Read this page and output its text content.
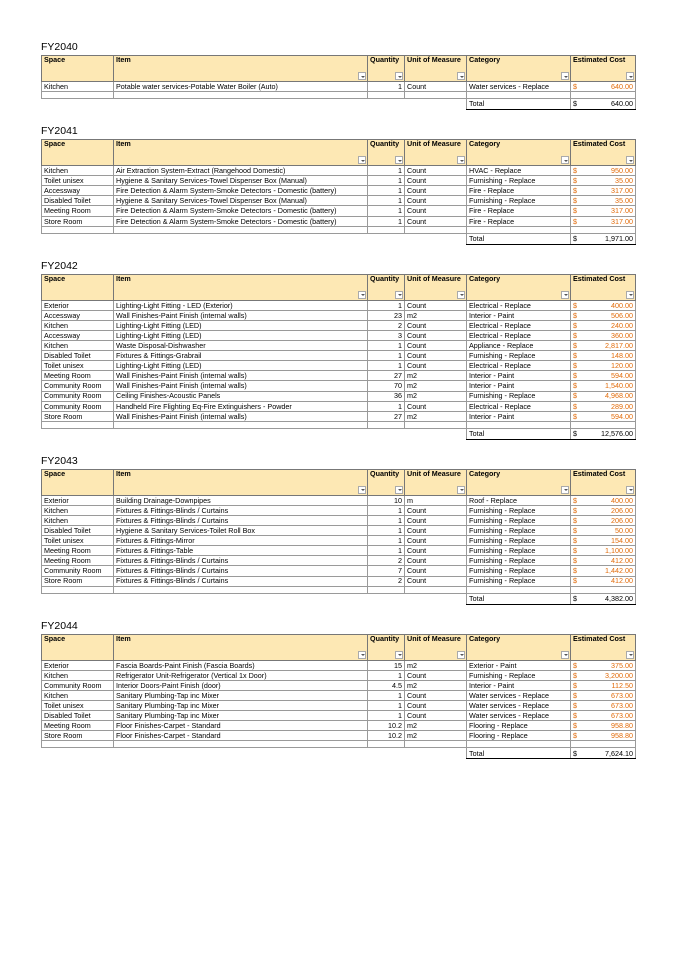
FY2040
Space	Item	Quantity	Unit of Measure	Category	Estimated Cost

Kitchen	Potable water services-Potable Water Boiler (Auto)	1	Count	Water services - Replace	$ 640.00

				Total	$ 640.00
FY2041
Space	Item	Quantity	Unit of Measure	Category	Estimated Cost

Kitchen	Air Extraction System-Extract (Rangehood Domestic)	1	Count	HVAC - Replace	$ 950.00
Toilet unisex	Hygiene & Sanitary Services-Towel Dispenser Box (Manual)	1	Count	Furnishing - Replace	$ 35.00
Accessway	Fire Detection & Alarm System-Smoke Detectors - Domestic (battery)	1	Count	Fire - Replace	$ 317.00
Disabled Toilet	Hygiene & Sanitary Services-Towel Dispenser Box (Manual)	1	Count	Furnishing - Replace	$ 35.00
Meeting Room	Fire Detection & Alarm System-Smoke Detectors - Domestic (battery)	1	Count	Fire - Replace	$ 317.00
Store Room	Fire Detection & Alarm System-Smoke Detectors - Domestic (battery)	1	Count	Fire - Replace	$ 317.00

				Total	$ 1,971.00
FY2042
Space	Item	Quantity	Unit of Measure	Category	Estimated Cost

Exterior	Lighting-Light Fitting - LED (Exterior)	1	Count	Electrical - Replace	$ 400.00
Accessway	Wall Finishes-Paint Finish (internal walls)	23	m2	Interior - Paint	$ 506.00
Kitchen	Lighting-Light Fitting (LED)	2	Count	Electrical - Replace	$ 240.00
Accessway	Lighting-Light Fitting (LED)	3	Count	Electrical - Replace	$ 360.00
Kitchen	Waste Disposal-Dishwasher	1	Count	Appliance - Replace	$ 2,817.00
Disabled Toilet	Fixtures & Fittings-Grabrail	1	Count	Furnishing - Replace	$ 148.00
Toilet unisex	Lighting-Light Fitting (LED)	1	Count	Electrical - Replace	$ 120.00
Meeting Room	Wall Finishes-Paint Finish (internal walls)	27	m2	Interior - Paint	$ 594.00
Community Room	Wall Finishes-Paint Finish (internal walls)	70	m2	Interior - Paint	$ 1,540.00
Community Room	Ceiling Finishes-Acoustic Panels	36	m2	Furnishing - Replace	$ 4,968.00
Community Room	Handheld Fire Flighting Eq-Fire Extinguishers - Powder	1	Count	Electrical - Replace	$ 289.00
Store Room	Wall Finishes-Paint Finish (internal walls)	27	m2	Interior - Paint	$ 594.00

				Total	$ 12,576.00
FY2043
Space	Item	Quantity	Unit of Measure	Category	Estimated Cost

Exterior	Building Drainage-Downpipes	10	m	Roof - Replace	$ 400.00
Kitchen	Fixtures & Fittings-Blinds / Curtains	1	Count	Furnishing - Replace	$ 206.00
Kitchen	Fixtures & Fittings-Blinds / Curtains	1	Count	Furnishing - Replace	$ 206.00
Disabled Toilet	Hygiene & Sanitary Services-Toilet Roll Box	1	Count	Furnishing - Replace	$ 50.00
Toilet unisex	Fixtures & Fittings-Mirror	1	Count	Furnishing - Replace	$ 154.00
Meeting Room	Fixtures & Fittings-Table	1	Count	Furnishing - Replace	$ 1,100.00
Meeting Room	Fixtures & Fittings-Blinds / Curtains	2	Count	Furnishing - Replace	$ 412.00
Community Room	Fixtures & Fittings-Blinds / Curtains	7	Count	Furnishing - Replace	$ 1,442.00
Store Room	Fixtures & Fittings-Blinds / Curtains	2	Count	Furnishing - Replace	$ 412.00

				Total	$ 4,382.00
FY2044
Space	Item	Quantity	Unit of Measure	Category	Estimated Cost

Exterior	Fascia Boards-Paint Finish (Fascia Boards)	15	m2	Exterior - Paint	$ 375.00
Kitchen	Refrigerator Unit-Refrigerator (Vertical 1x Door)	1	Count	Furnishing - Replace	$ 3,200.00
Community Room	Interior Doors-Paint Finish (door)	4.5	m2	Interior - Paint	$ 112.50
Kitchen	Sanitary Plumbing-Tap inc Mixer	1	Count	Water services - Replace	$ 673.00
Toilet unisex	Sanitary Plumbing-Tap inc Mixer	1	Count	Water services - Replace	$ 673.00
Disabled Toilet	Sanitary Plumbing-Tap inc Mixer	1	Count	Water services - Replace	$ 673.00
Meeting Room	Floor Finishes-Carpet - Standard	10.2	m2	Flooring - Replace	$ 958.80
Store Room	Floor Finishes-Carpet - Standard	10.2	m2	Flooring - Replace	$ 958.80

				Total	$ 7,624.10
